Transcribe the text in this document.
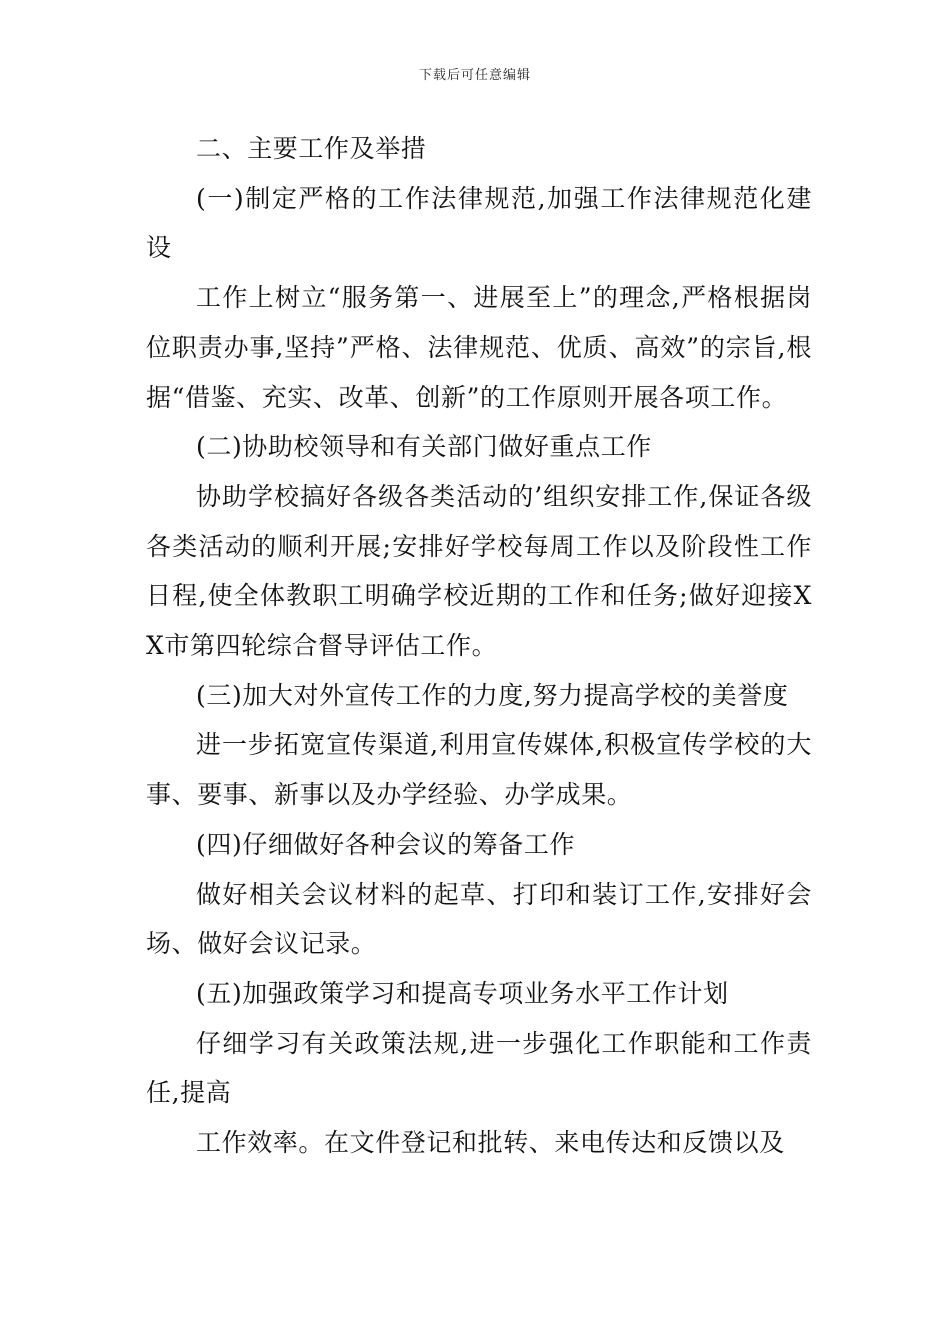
下载后可任意编辑

二、主要工作及举措

(一)制定严格的工作法律规范,加强工作法律规范化建设

工作上树立“服务第一、进展至上”的理念,严格根据岗位职责办事,坚持”严格、法律规范、优质、高效”的宗旨,根据“借鉴、充实、改革、创新”的工作原则开展各项工作。

(二)协助校领导和有关部门做好重点工作

协助学校搞好各级各类活动的’组织安排工作,保证各级各类活动的顺利开展;安排好学校每周工作以及阶段性工作日程,使全体教职工明确学校近期的工作和任务;做好迎接XX市第四轮综合督导评估工作。

(三)加大对外宣传工作的力度,努力提高学校的美誉度

进一步拓宽宣传渠道,利用宣传媒体,积极宣传学校的大事、要事、新事以及办学经验、办学成果。

(四)仔细做好各种会议的筹备工作

做好相关会议材料的起草、打印和装订工作,安排好会场、做好会议记录。

(五)加强政策学习和提高专项业务水平工作计划

仔细学习有关政策法规,进一步强化工作职能和工作责任,提高

工作效率。在文件登记和批转、来电传达和反馈以及
